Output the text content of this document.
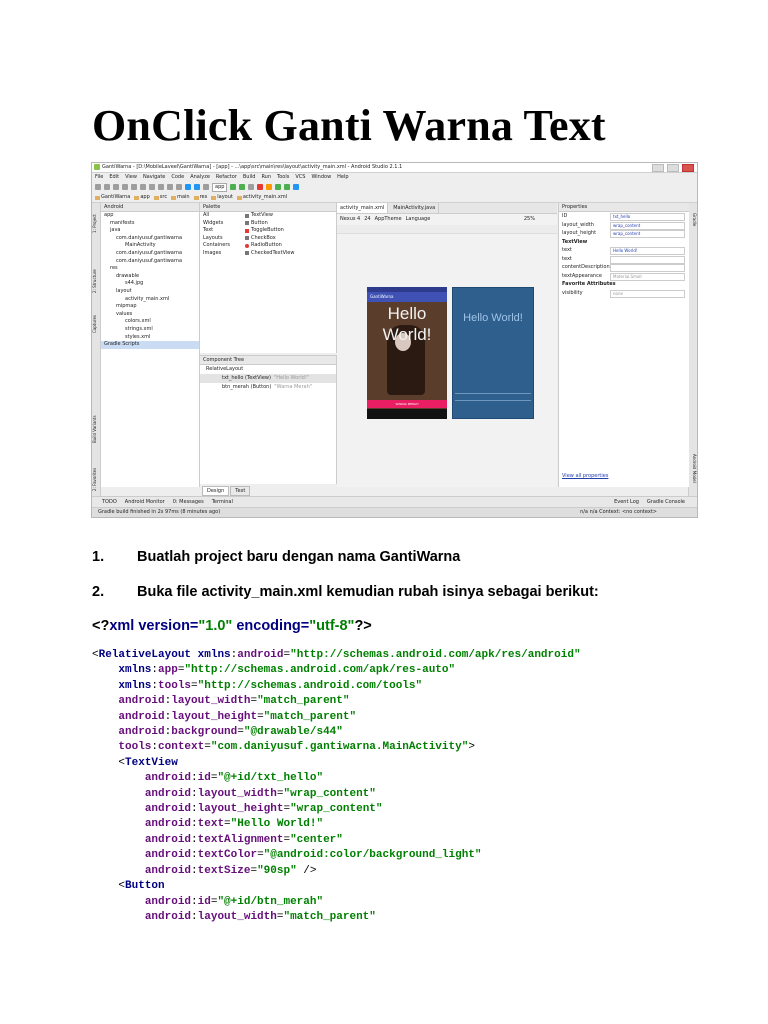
OnClick Ganti Warna Text
GantiWarna - [D:\MobileLaveel\GantiWarna] - [app] - ...\app\src\main\res\layout\activity_main.xml - Android Studio 2.1.1
File Edit View Navigate Code Analyze Refactor Build Run Tools VCS Window Help
app
GantiWarna app src main res layout activity_main.xml
1: Project
2: Structure
Captures
Build Variants
2: Favorites
Gradle
Android Model
Android
app
manifests
java
com.daniyusuf.gantiwarna
MainActivity
com.daniyusuf.gantiwarna
com.daniyusuf.gantiwarna
res
drawable
s44.jpg
layout
activity_main.xml
mipmap
values
colors.xml
strings.xml
styles.xml
Gradle Scripts
Palette
All
Widgets
Text
Layouts
Containers
Images
TextView
Button
ToggleButton
CheckBox
RadioButton
CheckedTextView
Component Tree
RelativeLayout
txt_hello (TextView) "Hello World!"
btn_merah (Button) "Warna Merah"
Design	Text
activity_main.xml	MainActivity.java
Nexus 4 24 AppTheme Language	25%
GantiWarna
Hello World!
WARNA MERAH
Hello World!
Properties
ID	txt_hello
layout_width	wrap_content
layout_height	wrap_content
TextView
text	Hello World!
text
contentDescription
textAppearance	Material.Small
Favorite Attributes
visibility	none
View all properties
TODO Android Monitor 0: Messages Terminal	Event Log Gradle Console
Gradle build finished in 2s 97ms (8 minutes ago)	n/a n/a Context: <no context>
1. Buatlah project baru dengan nama GantiWarna
2. Buka file activity_main.xml kemudian rubah isinya sebagai berikut:
<?xml version="1.0" encoding="utf-8"?>
<RelativeLayout xmlns:android="http://schemas.android.com/apk/res/android"
xmlns:app="http://schemas.android.com/apk/res-auto"
xmlns:tools="http://schemas.android.com/tools"
android:layout_width="match_parent"
android:layout_height="match_parent"
android:background="@drawable/s44"
tools:context="com.daniyusuf.gantiwarna.MainActivity">
<TextView
android:id="@+id/txt_hello"
android:layout_width="wrap_content"
android:layout_height="wrap_content"
android:text="Hello World!"
android:textAlignment="center"
android:textColor="@android:color/background_light"
android:textSize="90sp" />
<Button
android:id="@+id/btn_merah"
android:layout_width="match_parent"
